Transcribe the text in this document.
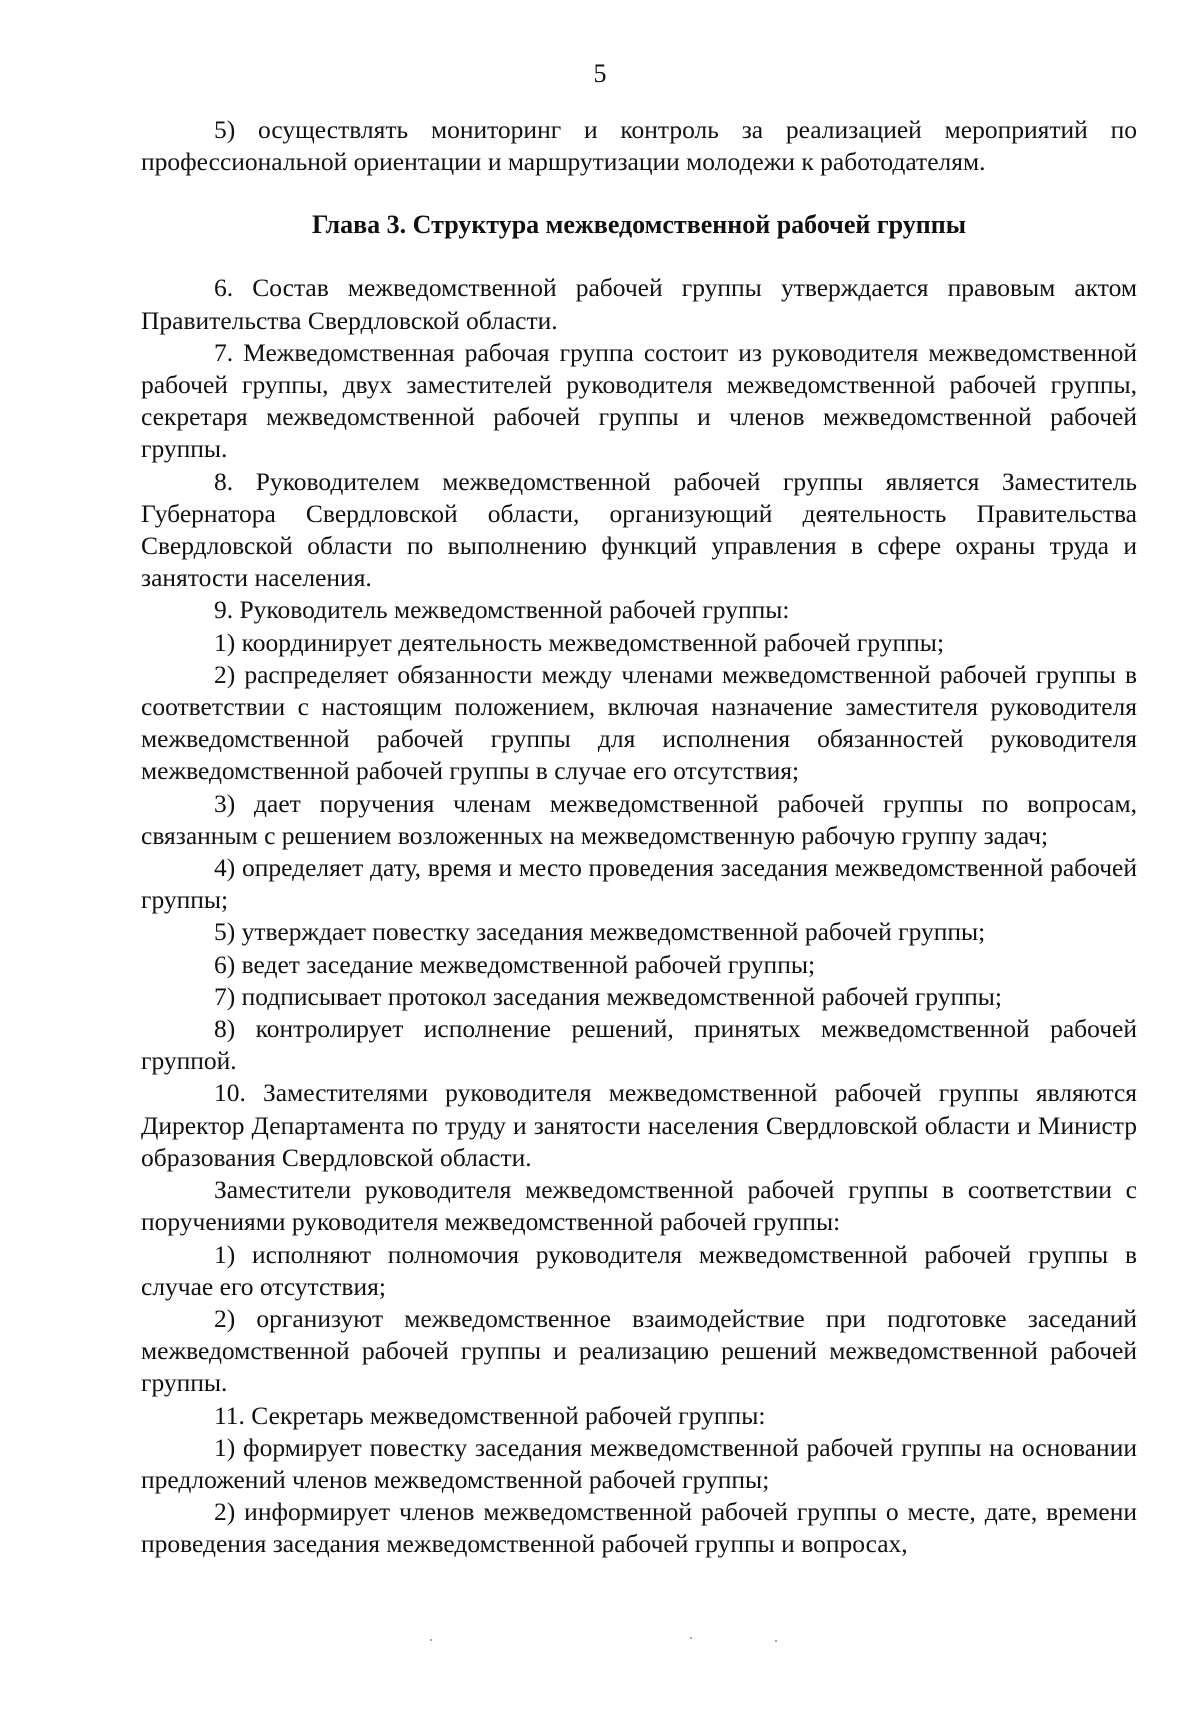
5

5) осуществлять мониторинг и контроль за реализацией мероприятий по профессиональной ориентации и маршрутизации молодежи к работодателям.

Глава 3. Структура межведомственной рабочей группы

6. Состав межведомственной рабочей группы утверждается правовым актом Правительства Свердловской области.

7. Межведомственная рабочая группа состоит из руководителя межведомственной рабочей группы, двух заместителей руководителя межведомственной рабочей группы, секретаря межведомственной рабочей группы и членов межведомственной рабочей группы.

8. Руководителем межведомственной рабочей группы является Заместитель Губернатора Свердловской области, организующий деятельность Правительства Свердловской области по выполнению функций управления в сфере охраны труда и занятости населения.

9. Руководитель межведомственной рабочей группы:

1) координирует деятельность межведомственной рабочей группы;

2) распределяет обязанности между членами межведомственной рабочей группы в соответствии с настоящим положением, включая назначение заместителя руководителя межведомственной рабочей группы для исполнения обязанностей руководителя межведомственной рабочей группы в случае его отсутствия;

3) дает поручения членам межведомственной рабочей группы по вопросам, связанным с решением возложенных на межведомственную рабочую группу задач;

4) определяет дату, время и место проведения заседания межведомственной рабочей группы;

5) утверждает повестку заседания межведомственной рабочей группы;

6) ведет заседание межведомственной рабочей группы;

7) подписывает протокол заседания межведомственной рабочей группы;

8) контролирует исполнение решений, принятых межведомственной рабочей группой.

10. Заместителями руководителя межведомственной рабочей группы являются Директор Департамента по труду и занятости населения Свердловской области и Министр образования Свердловской области.

Заместители руководителя межведомственной рабочей группы в соответствии с поручениями руководителя межведомственной рабочей группы:

1) исполняют полномочия руководителя межведомственной рабочей группы в случае его отсутствия;

2) организуют межведомственное взаимодействие при подготовке заседаний межведомственной рабочей группы и реализацию решений межведомственной рабочей группы.

11. Секретарь межведомственной рабочей группы:

1) формирует повестку заседания межведомственной рабочей группы на основании предложений членов межведомственной рабочей группы;

2) информирует членов межведомственной рабочей группы о месте, дате, времени проведения заседания межведомственной рабочей группы и вопросах,
